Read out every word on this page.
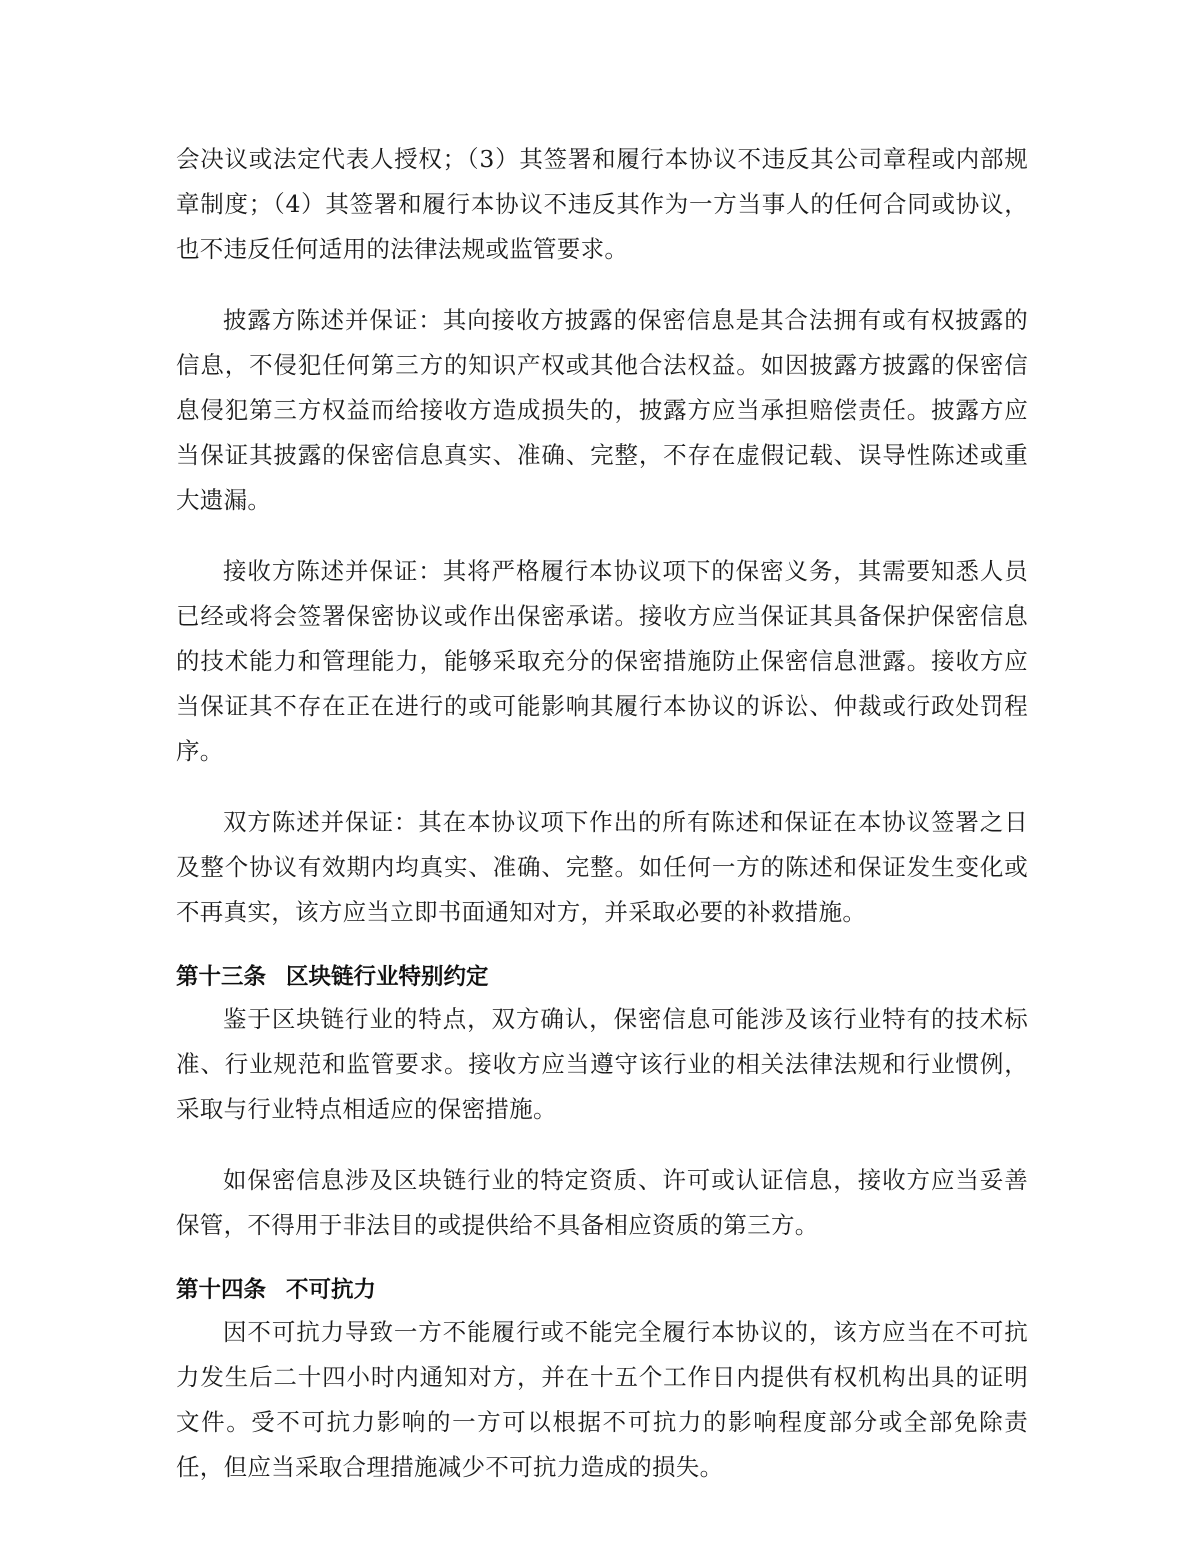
会决议或法定代表人授权；（3）其签署和履行本协议不违反其公司章程或内部规章制度；（4）其签署和履行本协议不违反其作为一方当事人的任何合同或协议，也不违反任何适用的法律法规或监管要求。

披露方陈述并保证：其向接收方披露的保密信息是其合法拥有或有权披露的信息，不侵犯任何第三方的知识产权或其他合法权益。如因披露方披露的保密信息侵犯第三方权益而给接收方造成损失的，披露方应当承担赔偿责任。披露方应当保证其披露的保密信息真实、准确、完整，不存在虚假记载、误导性陈述或重大遗漏。

接收方陈述并保证：其将严格履行本协议项下的保密义务，其需要知悉人员已经或将会签署保密协议或作出保密承诺。接收方应当保证其具备保护保密信息的技术能力和管理能力，能够采取充分的保密措施防止保密信息泄露。接收方应当保证其不存在正在进行的或可能影响其履行本协议的诉讼、仲裁或行政处罚程序。

双方陈述并保证：其在本协议项下作出的所有陈述和保证在本协议签署之日及整个协议有效期内均真实、准确、完整。如任何一方的陈述和保证发生变化或不再真实，该方应当立即书面通知对方，并采取必要的补救措施。

第十三条 区块链行业特别约定

鉴于区块链行业的特点，双方确认，保密信息可能涉及该行业特有的技术标准、行业规范和监管要求。接收方应当遵守该行业的相关法律法规和行业惯例，采取与行业特点相适应的保密措施。

如保密信息涉及区块链行业的特定资质、许可或认证信息，接收方应当妥善保管，不得用于非法目的或提供给不具备相应资质的第三方。

第十四条 不可抗力

因不可抗力导致一方不能履行或不能完全履行本协议的，该方应当在不可抗力发生后二十四小时内通知对方，并在十五个工作日内提供有权机构出具的证明文件。受不可抗力影响的一方可以根据不可抗力的影响程度部分或全部免除责任，但应当采取合理措施减少不可抗力造成的损失。
